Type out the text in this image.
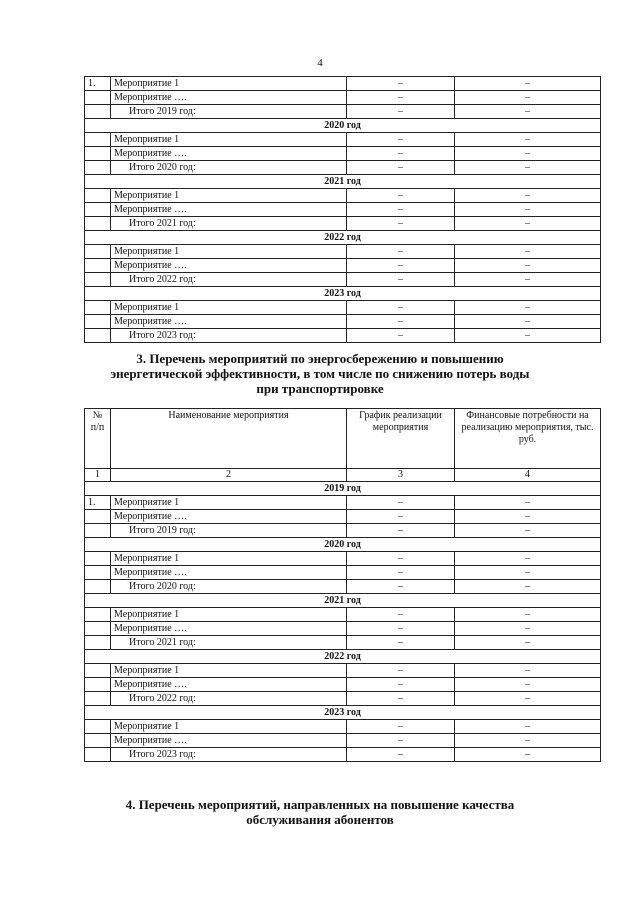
4
1.	Мероприятие 1	–	–
	Мероприятие ….	–	–
	Итого 2019 год:	–	–
2020 год			
	Мероприятие 1	–	–
	Мероприятие ….	–	–
	Итого 2020 год:	–	–
2021 год			
	Мероприятие 1	–	–
	Мероприятие ….	–	–
	Итого 2021 год:	–	–
2022 год			
	Мероприятие 1	–	–
	Мероприятие ….	–	–
	Итого 2022 год:	–	–
2023 год			
	Мероприятие 1	–	–
	Мероприятие ….	–	–
	Итого 2023 год:	–	–
3. Перечень мероприятий по энергосбережению и повышению
энергетической эффективности, в том числе по снижению потерь воды
при транспортировке
№ п/п	Наименование мероприятия	График реализации мероприятия	Финансовые потребности на реализацию мероприятия, тыс. руб.
1	2	3	4
2019 год			
1.	Мероприятие 1	–	–
	Мероприятие ….	–	–
	Итого 2019 год:	–	–
2020 год			
	Мероприятие 1	–	–
	Мероприятие ….	–	–
	Итого 2020 год:	–	–
2021 год			
	Мероприятие 1	–	–
	Мероприятие ….	–	–
	Итого 2021 год:	–	–
2022 год			
	Мероприятие 1	–	–
	Мероприятие ….	–	–
	Итого 2022 год:	–	–
2023 год			
	Мероприятие 1	–	–
	Мероприятие ….	–	–
	Итого 2023 год:	–	–
4. Перечень мероприятий, направленных на повышение качества
обслуживания абонентов
